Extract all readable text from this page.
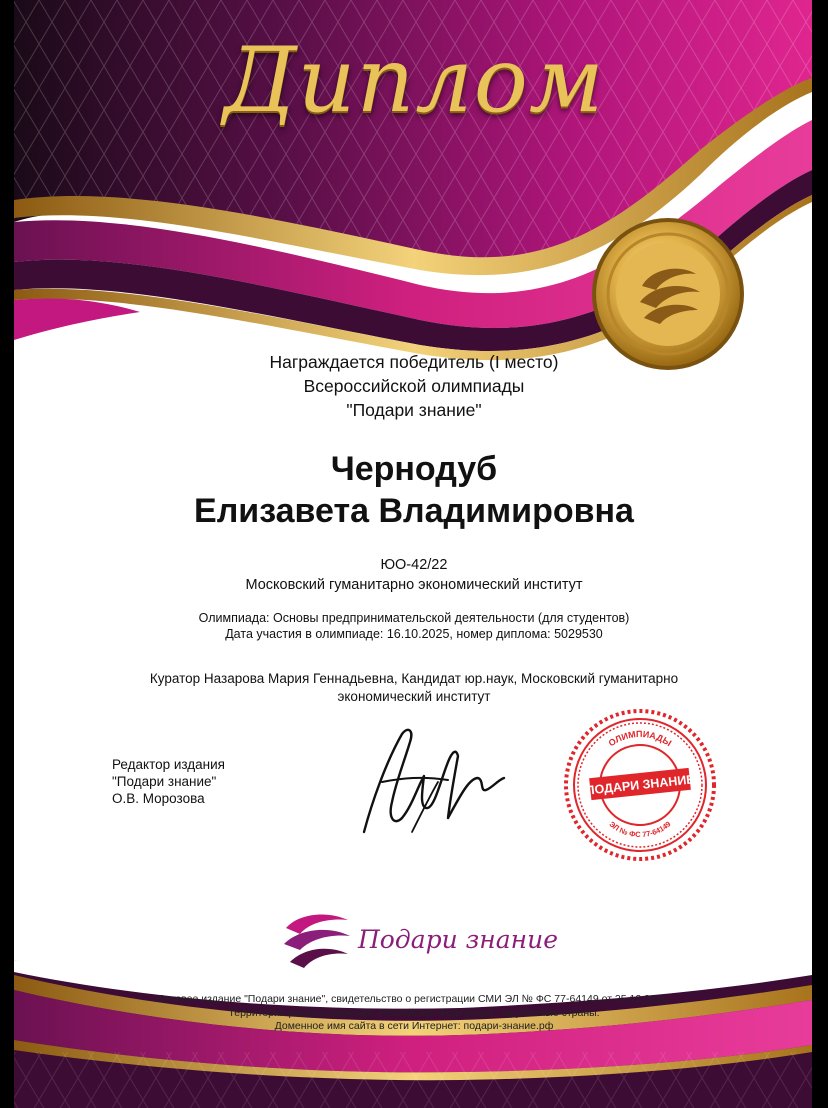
Диплом
Награждается победитель (I место)
Всероссийской олимпиады
"Подари знание"
Чернодуб
Елизавета Владимировна
ЮО-42/22
Московский гуманитарно экономический институт
Олимпиада: Основы предпринимательской деятельности (для студентов)
Дата участия в олимпиаде: 16.10.2025, номер диплома: 5029530
Куратор Назарова Мария Геннадьевна, Кандидат юр.наук, Московский гуманитарно экономический институт
Редактор издания
"Подари знание"
О.В. Морозова
ОЛИМПИАДЫ
ЭЛ № ФС 77-64149
ПОДАРИ ЗНАНИЕ
Подари знание
Сетевое издание "Подари знание", свидетельство о регистрации СМИ ЭЛ № ФС 77-64149 от 25.12.2015.
Территория распространения: Российская Федерация, зарубежные страны.
Доменное имя сайта в сети Интернет: подари-знание.рф
